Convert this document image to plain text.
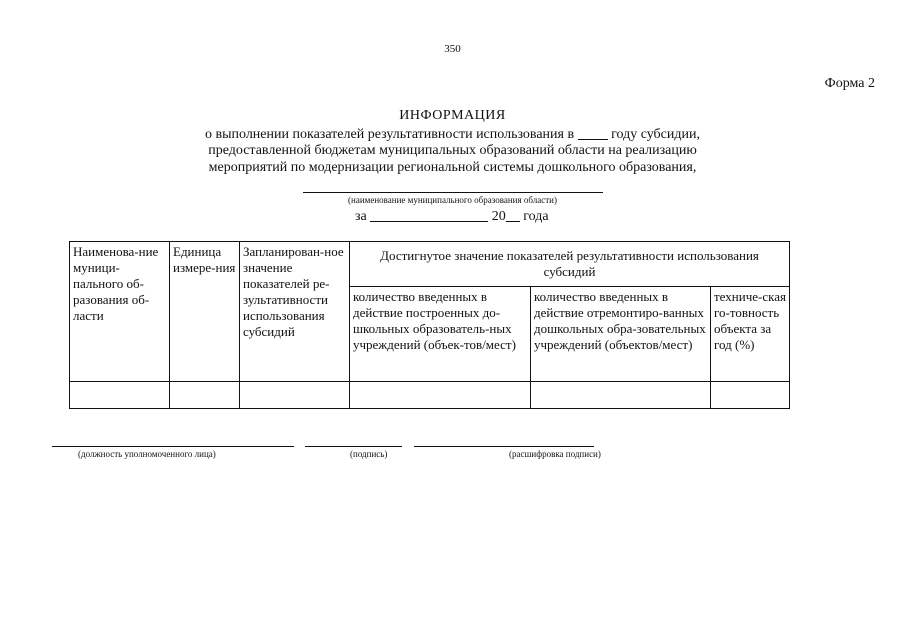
350
Форма 2
ИНФОРМАЦИЯ
о выполнении показателей результативности использования в	году субсидии,
предоставленной бюджетам муниципальных образований области на реализацию
мероприятий по модернизации региональной системы дошкольного образования,
(наименование муниципального образования области)
за	20 года
Наименова-ние муници-пального об-разования об-ласти	Единица измере-ния	Запланирован-ное значение показателей ре-зультативности использования субсидий	Достигнутое значение показателей результативности использования субсидий		
			количество введенных в действие построенных до-школьных образователь-ных учреждений (объек-тов/мест)	количество введенных в действие отремонтиро-ванных дошкольных обра-зовательных учреждений (объектов/мест)	техниче-ская го-товность объекта за год (%)

(должность уполномоченного лица)	(подпись)	(расшифровка подписи)
